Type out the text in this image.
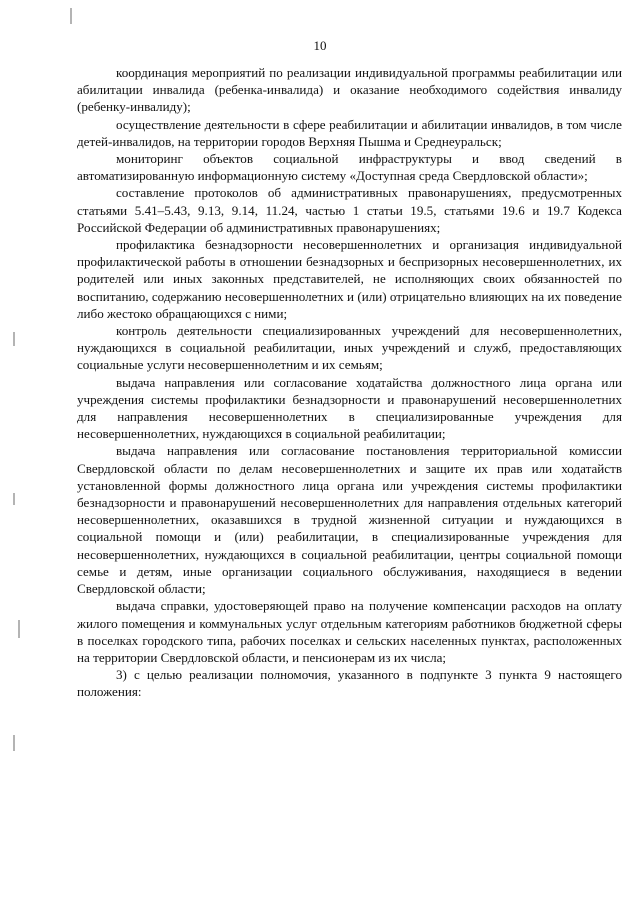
10

координация мероприятий по реализации индивидуальной программы реабилитации или абилитации инвалида (ребенка-инвалида) и оказание необходимого содействия инвалиду (ребенку-инвалиду);

осуществление деятельности в сфере реабилитации и абилитации инвалидов, в том числе детей-инвалидов, на территории городов Верхняя Пышма и Среднеуральск;

мониторинг объектов социальной инфраструктуры и ввод сведений в автоматизированную информационную систему «Доступная среда Свердловской области»;

составление протоколов об административных правонарушениях, предусмотренных статьями 5.41–5.43, 9.13, 9.14, 11.24, частью 1 статьи 19.5, статьями 19.6 и 19.7 Кодекса Российской Федерации об административных правонарушениях;

профилактика безнадзорности несовершеннолетних и организация индивидуальной профилактической работы в отношении безнадзорных и беспризорных несовершеннолетних, их родителей или иных законных представителей, не исполняющих своих обязанностей по воспитанию, содержанию несовершеннолетних и (или) отрицательно влияющих на их поведение либо жестоко обращающихся с ними;

контроль деятельности специализированных учреждений для несовершеннолетних, нуждающихся в социальной реабилитации, иных учреждений и служб, предоставляющих социальные услуги несовершеннолетним и их семьям;

выдача направления или согласование ходатайства должностного лица органа или учреждения системы профилактики безнадзорности и правонарушений несовершеннолетних для направления несовершеннолетних в специализированные учреждения для несовершеннолетних, нуждающихся в социальной реабилитации;

выдача направления или согласование постановления территориальной комиссии Свердловской области по делам несовершеннолетних и защите их прав или ходатайств установленной формы должностного лица органа или учреждения системы профилактики безнадзорности и правонарушений несовершеннолетних для направления отдельных категорий несовершеннолетних, оказавшихся в трудной жизненной ситуации и нуждающихся в социальной помощи и (или) реабилитации, в специализированные учреждения для несовершеннолетних, нуждающихся в социальной реабилитации, центры социальной помощи семье и детям, иные организации социального обслуживания, находящиеся в ведении Свердловской области;

выдача справки, удостоверяющей право на получение компенсации расходов на оплату жилого помещения и коммунальных услуг отдельным категориям работников бюджетной сферы в поселках городского типа, рабочих поселках и сельских населенных пунктах, расположенных на территории Свердловской области, и пенсионерам из их числа;

3) с целью реализации полномочия, указанного в подпункте 3 пункта 9 настоящего положения:
